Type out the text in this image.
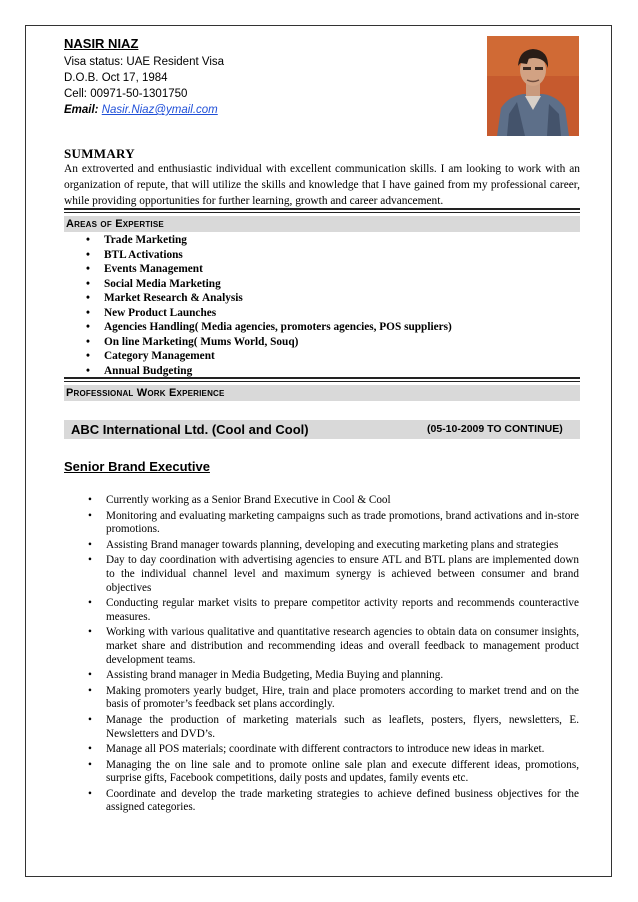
NASIR NIAZ
Visa status: UAE Resident Visa
D.O.B. Oct 17, 1984
Cell: 00971-50-1301750
Email: Nasir.Niaz@ymail.com
SUMMARY
An extroverted and enthusiastic individual with excellent communication skills. I am looking to work with an organization of repute, that will utilize the skills and knowledge that I have gained from my professional career, while providing opportunities for further learning, growth and career advancement.
Areas of Expertise
• Trade Marketing
• BTL Activations
• Events Management
• Social Media Marketing
• Market Research & Analysis
• New Product Launches
• Agencies Handling( Media agencies, promoters agencies, POS suppliers)
• On line Marketing( Mums World, Souq)
• Category Management
• Annual Budgeting
Professional Work Experience
ABC International Ltd. (Cool and Cool)	(05-10-2009 TO CONTINUE)
Senior Brand Executive
• Currently working as a Senior Brand Executive in Cool & Cool
• Monitoring and evaluating marketing campaigns such as trade promotions, brand activations and in-store promotions.
• Assisting Brand manager towards planning, developing and executing marketing plans and strategies
• Day to day coordination with advertising agencies to ensure ATL and BTL plans are implemented down to the individual channel level and maximum synergy is achieved between consumer and brand objectives
• Conducting regular market visits to prepare competitor activity reports and recommends counteractive measures.
• Working with various qualitative and quantitative research agencies to obtain data on consumer insights, market share and distribution and recommending ideas and overall feedback to management product development teams.
• Assisting brand manager in Media Budgeting, Media Buying and planning.
• Making promoters yearly budget, Hire, train and place promoters according to market trend and on the basis of promoter’s feedback set plans accordingly.
• Manage the production of marketing materials such as leaflets, posters, flyers, newsletters, E. Newsletters and DVD’s.
• Manage all POS materials; coordinate with different contractors to introduce new ideas in market.
• Managing the on line sale and to promote online sale plan and execute different ideas, promotions, surprise gifts, Facebook competitions, daily posts and updates, family events etc.
• Coordinate and develop the trade marketing strategies to achieve defined business objectives for the assigned categories.
